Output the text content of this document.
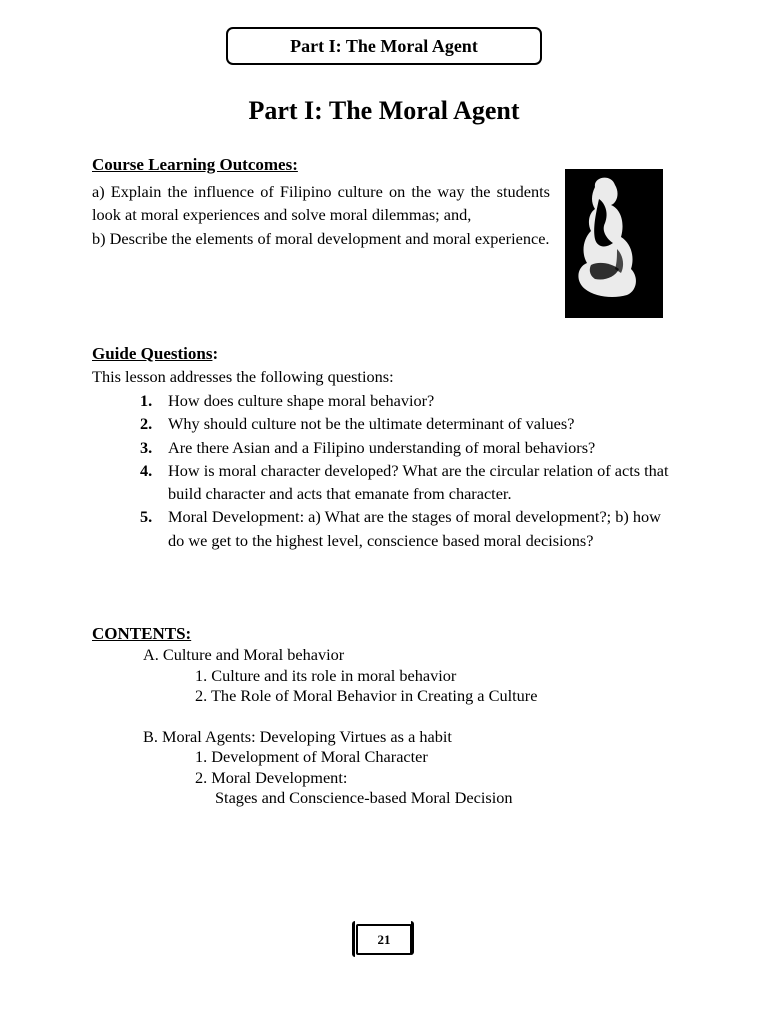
Part I: The Moral Agent
Part I: The Moral Agent
Course Learning Outcomes:

a) Explain the influence of Filipino culture on the way the students look at moral experiences and solve moral dilemmas; and,

b) Describe the elements of moral development and moral experience.

Guide Questions:
This lesson addresses the following questions:
1. How does culture shape moral behavior?
2. Why should culture not be the ultimate determinant of values?
3. Are there Asian and a Filipino understanding of moral behaviors?
4. How is moral character developed? What are the circular relation of acts that build character and acts that emanate from character.
5. Moral Development: a) What are the stages of moral development?; b) how do we get to the highest level, conscience based moral decisions?
CONTENTS:
A. Culture and Moral behavior
1. Culture and its role in moral behavior
2. The Role of Moral Behavior in Creating a Culture
B. Moral Agents: Developing Virtues as a habit
1. Development of Moral Character
2. Moral Development:
Stages and Conscience-based Moral Decision
21
